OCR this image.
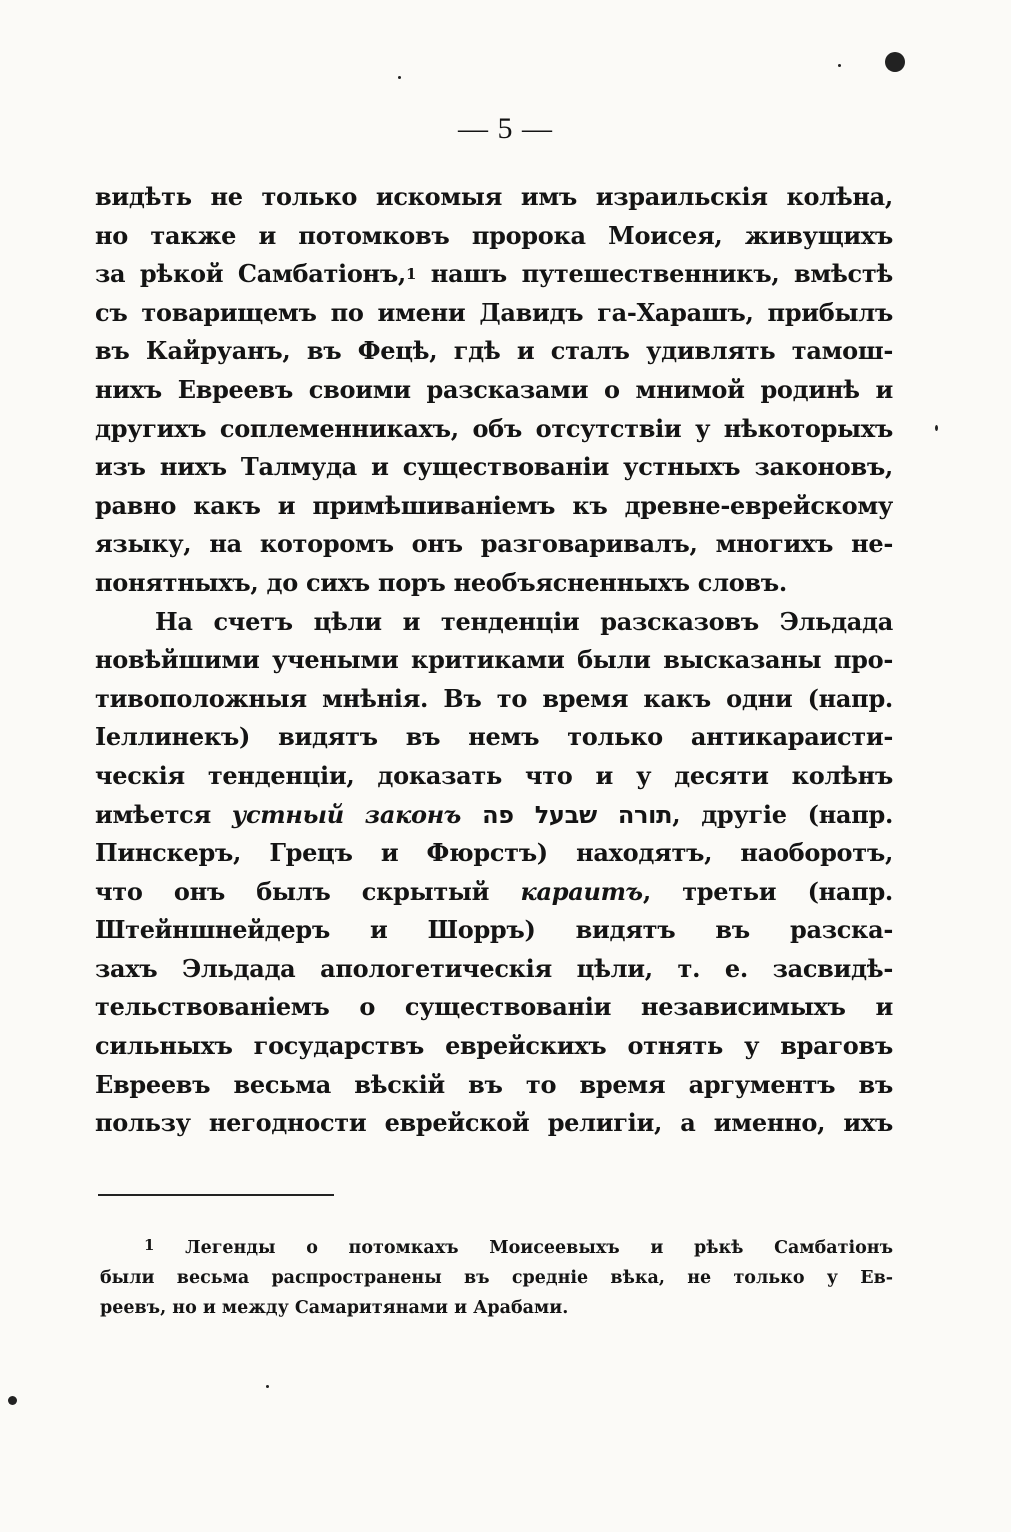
— 5 —
видѣть не только искомыя имъ израильскія колѣна,
но также и потомковъ пророка Моисея, живущихъ
за рѣкой Самбатіонъ,$^1$ нашъ путешественникъ, вмѣстѣ
съ товарищемъ по имени Давидъ га-Харашъ, прибылъ
въ Кайруанъ, въ Фецѣ, гдѣ и сталъ удивлять тамош-
нихъ Евреевъ своими разсказами о мнимой родинѣ и
другихъ соплеменникахъ, объ отсутствіи у нѣкоторыхъ
изъ нихъ Талмуда и существованіи устныхъ законовъ,
равно какъ и примѣшиваніемъ къ древне-еврейскому
языку, на которомъ онъ разговаривалъ, многихъ не-
понятныхъ, до сихъ поръ необъясненныхъ словъ.
На счетъ цѣли и тенденціи разсказовъ Эльдада
новѣйшими учеными критиками были высказаны про-
тивоположныя мнѣнія. Въ то время какъ одни (напр.
Іеллинекъ) видятъ въ немъ только антикараисти-
ческія тенденціи, доказать что и у десяти колѣнъ
имѣется устный законъ תורה שבעל פה, другіе (напр.
Пинскеръ, Грецъ и Фюрстъ) находятъ, наоборотъ,
что онъ былъ скрытый караитъ, третьи (напр.
Штейншнейдеръ и Шорръ) видятъ въ разска-
захъ Эльдада апологетическія цѣли, т. е. засвидѣ-
тельствованіемъ о существованіи независимыхъ и
сильныхъ государствъ еврейскихъ отнять у враговъ
Евреевъ весьма вѣскій въ то время аргументъ въ
пользу негодности еврейской религіи, а именно, ихъ
$^1$ Легенды о потомкахъ Моисеевыхъ и рѣкѣ Самбатіонъ
были весьма распространены въ средніе вѣка, не только у Ев-
реевъ, но и между Самаритянами и Арабами.
